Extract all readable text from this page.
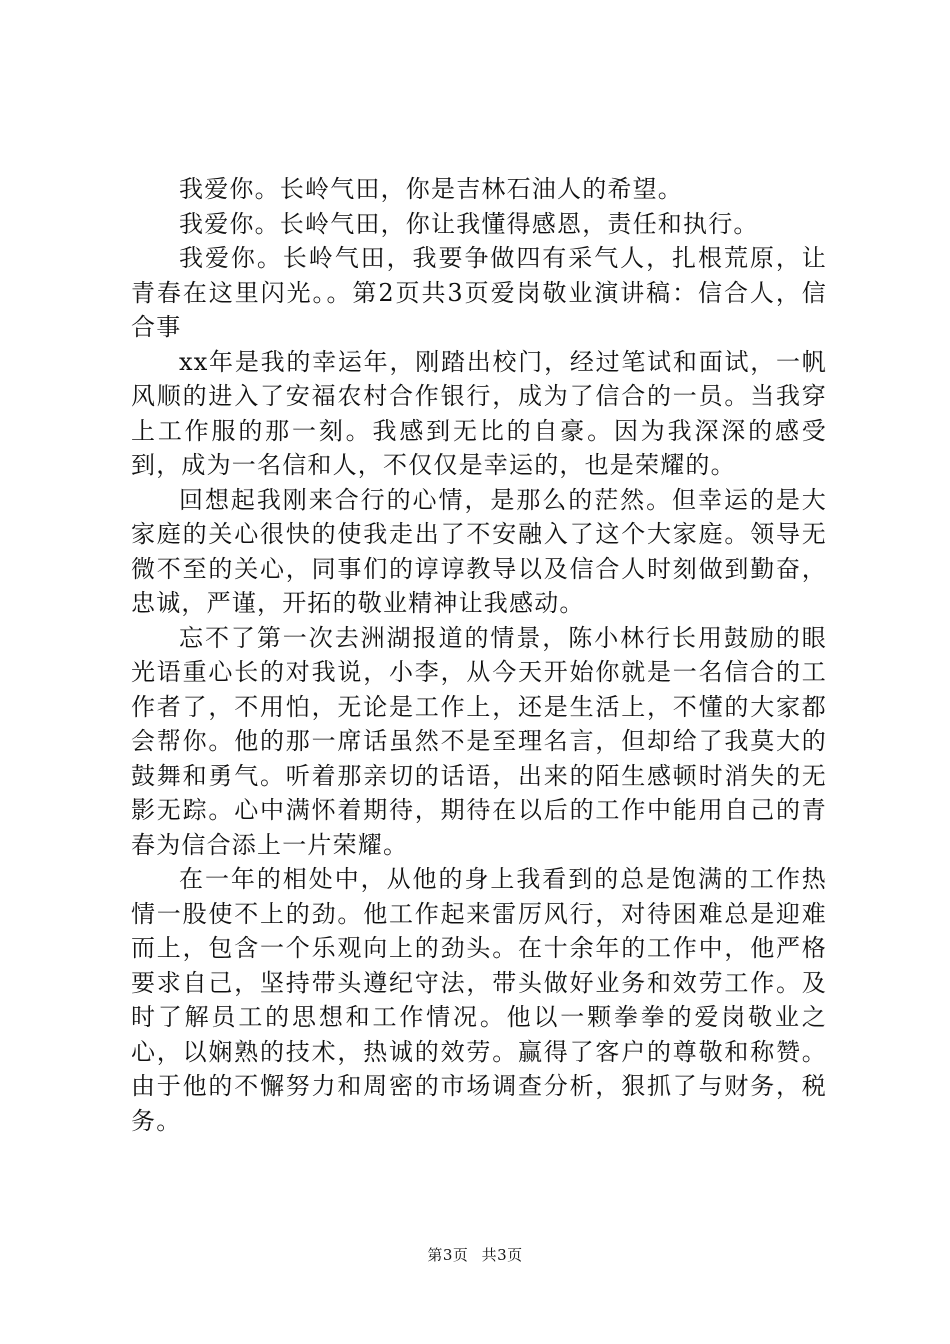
我爱你。长岭气田，你是吉林石油人的希望。

我爱你。长岭气田，你让我懂得感恩，责任和执行。

我爱你。长岭气田，我要争做四有采气人，扎根荒原，让青春在这里闪光。。第2页共3页爱岗敬业演讲稿：信合人，信合事

xx年是我的幸运年，刚踏出校门，经过笔试和面试，一帆风顺的进入了安福农村合作银行，成为了信合的一员。当我穿上工作服的那一刻。我感到无比的自豪。因为我深深的感受到，成为一名信和人，不仅仅是幸运的，也是荣耀的。

回想起我刚来合行的心情，是那么的茫然。但幸运的是大家庭的关心很快的使我走出了不安融入了这个大家庭。领导无微不至的关心，同事们的谆谆教导以及信合人时刻做到勤奋，忠诚，严谨，开拓的敬业精神让我感动。

忘不了第一次去洲湖报道的情景，陈小林行长用鼓励的眼光语重心长的对我说，小李，从今天开始你就是一名信合的工作者了，不用怕，无论是工作上，还是生活上，不懂的大家都会帮你。他的那一席话虽然不是至理名言，但却给了我莫大的鼓舞和勇气。听着那亲切的话语，出来的陌生感顿时消失的无影无踪。心中满怀着期待，期待在以后的工作中能用自己的青春为信合添上一片荣耀。

在一年的相处中，从他的身上我看到的总是饱满的工作热情一股使不上的劲。他工作起来雷厉风行，对待困难总是迎难而上，包含一个乐观向上的劲头。在十余年的工作中，他严格要求自己，坚持带头遵纪守法，带头做好业务和效劳工作。及时了解员工的思想和工作情况。他以一颗拳拳的爱岗敬业之心，以娴熟的技术，热诚的效劳。赢得了客户的尊敬和称赞。由于他的不懈努力和周密的市场调查分析，狠抓了与财务，税务。

第3页 共3页
